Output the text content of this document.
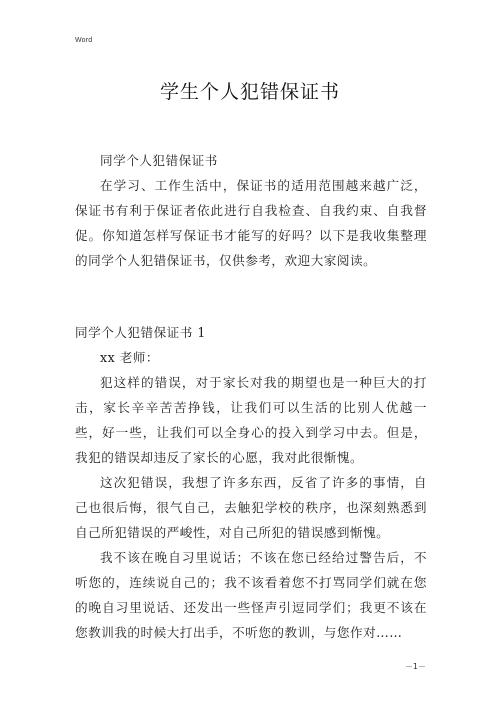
Word
学生个人犯错保证书

同学个人犯错保证书

在学习、工作生活中，保证书的适用范围越来越广泛，保证书有利于保证者依此进行自我检查、自我约束、自我督促。你知道怎样写保证书才能写的好吗？以下是我收集整理的同学个人犯错保证书，仅供参考，欢迎大家阅读。

同学个人犯错保证书 1

xx 老师：

犯这样的错误，对于家长对我的期望也是一种巨大的打击，家长辛辛苦苦挣钱，让我们可以生活的比别人优越一些，好一些，让我们可以全身心的投入到学习中去。但是，我犯的错误却违反了家长的心愿，我对此很惭愧。

这次犯错误，我想了许多东西，反省了许多的事情，自己也很后悔，很气自己，去触犯学校的秩序，也深刻熟悉到自己所犯错误的严峻性，对自己所犯的错误感到惭愧。

我不该在晚自习里说话；不该在您已经给过警告后，不听您的，连续说自己的；我不该看着您不打骂同学们就在您的晚自习里说话、还发出一些怪声引逗同学们；我更不该在您教训我的时候大打出手，不听您的教训，与您作对……

－1－
